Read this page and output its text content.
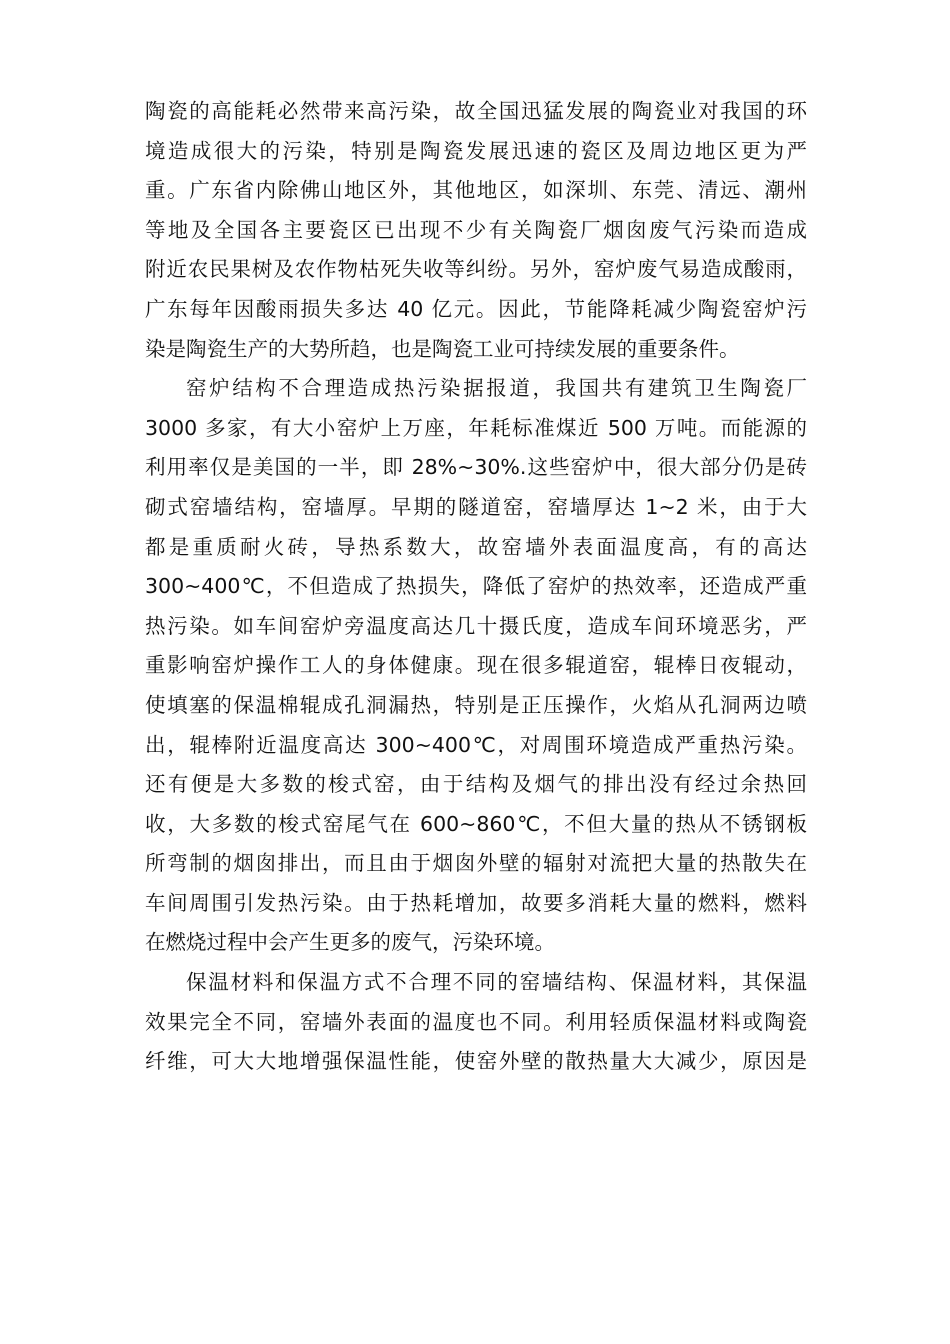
陶瓷的高能耗必然带来高污染，故全国迅猛发展的陶瓷业对我国的环
境造成很大的污染，特别是陶瓷发展迅速的瓷区及周边地区更为严
重。广东省内除佛山地区外，其他地区，如深圳、东莞、清远、潮州
等地及全国各主要瓷区已出现不少有关陶瓷厂烟囱废气污染而造成
附近农民果树及农作物枯死失收等纠纷。另外，窑炉废气易造成酸雨，
广东每年因酸雨损失多达 40 亿元。因此，节能降耗减少陶瓷窑炉污
染是陶瓷生产的大势所趋，也是陶瓷工业可持续发展的重要条件。
窑炉结构不合理造成热污染据报道，我国共有建筑卫生陶瓷厂
3000 多家，有大小窑炉上万座，年耗标准煤近 500 万吨。而能源的
利用率仅是美国的一半，即 28%~30%.这些窑炉中，很大部分仍是砖
砌式窑墙结构，窑墙厚。早期的隧道窑，窑墙厚达 1~2 米，由于大
都是重质耐火砖，导热系数大，故窑墙外表面温度高，有的高达
300~400℃，不但造成了热损失，降低了窑炉的热效率，还造成严重
热污染。如车间窑炉旁温度高达几十摄氏度，造成车间环境恶劣，严
重影响窑炉操作工人的身体健康。现在很多辊道窑，辊棒日夜辊动，
使填塞的保温棉辊成孔洞漏热，特别是正压操作，火焰从孔洞两边喷
出，辊棒附近温度高达 300~400℃，对周围环境造成严重热污染。
还有便是大多数的梭式窑，由于结构及烟气的排出没有经过余热回
收，大多数的梭式窑尾气在 600~860℃，不但大量的热从不锈钢板
所弯制的烟囱排出，而且由于烟囱外壁的辐射对流把大量的热散失在
车间周围引发热污染。由于热耗增加，故要多消耗大量的燃料，燃料
在燃烧过程中会产生更多的废气，污染环境。
保温材料和保温方式不合理不同的窑墙结构、保温材料，其保温
效果完全不同，窑墙外表面的温度也不同。利用轻质保温材料或陶瓷
纤维，可大大地增强保温性能，使窑外壁的散热量大大减少，原因是
